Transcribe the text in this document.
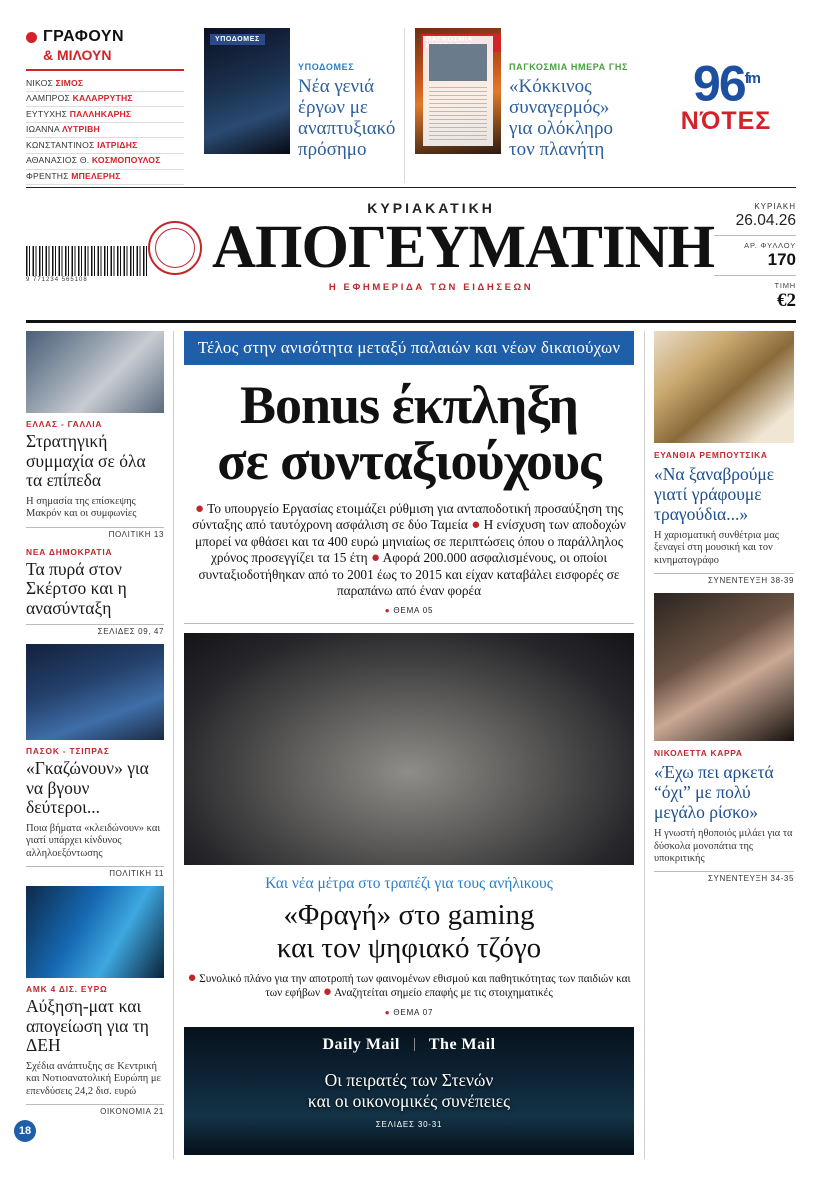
ΓΡΑΦΟΥΝ
& ΜΙΛΟΥΝ
ΝΙΚΟΣ ΣΙΜΟΣ
ΛΑΜΠΡΟΣ ΚΑΛΑΡΡΥΤΗΣ
ΕΥΤΥΧΗΣ ΠΑΛΛΗΚΑΡΗΣ
ΙΩΑΝΝΑ ΛΥΤΡΙΒΗ
ΚΩΝΣΤΑΝΤΙΝΟΣ ΙΑΤΡΙΔΗΣ
ΑΘΑΝΑΣΙΟΣ Θ. ΚΟΣΜΟΠΟΥΛΟΣ
ΦΡΕΝΤΗΣ ΜΠΕΛΕΡΗΣ
ΥΠΟΔΟΜΕΣ
ΥΠΟΔΟΜΕΣ
Νέα γενιά έργων με αναπτυξιακό πρόσημο
ΠΑΓΚΟΣΜΙΑ ΗΜΕΡΑ ΓΗΣ
«Κόκκινος συναγερμός» για ολόκληρο τον πλανήτη
$96^{fm}$
ΝΌΤΕΣ
9 771234 565108
ΚΥΡΙΑΚΑΤΙΚΗ
ΑΠΟΓΕΥΜΑΤΙΝΗ
Η ΕΦΗΜΕΡΙΔΑ ΤΩΝ ΕΙΔΗΣΕΩΝ
ΚΥΡΙΑΚΗ
26.04.26
ΑΡ. ΦΥΛΛΟΥ
170
ΤΙΜΗ
€2
ΕΛΛΑΣ - ΓΑΛΛΙΑ
Στρατηγική συμμαχία σε όλα τα επίπεδα
Η σημασία της επίσκεψης Μακρόν και οι συμφωνίες
ΠΟΛΙΤΙΚΗ 13
ΝΕΑ ΔΗΜΟΚΡΑΤΙΑ
Τα πυρά στον Σκέρτσο και η ανασύνταξη
ΣΕΛΙΔΕΣ 09, 47
ΠΑΣΟΚ - ΤΣΙΠΡΑΣ
«Γκαζώνουν» για να βγουν δεύτεροι...
Ποια βήματα «κλειδώνουν» και γιατί υπάρχει κίνδυνος αλληλοεξόντωσης
ΠΟΛΙΤΙΚΗ 11
ΑΜΚ 4 ΔΙΣ. ΕΥΡΩ
Αύξηση-ματ και απογείωση για τη ΔΕΗ
Σχέδια ανάπτυξης σε Κεντρική και Νοτιοανατολική Ευρώπη με επενδύσεις 24,2 δισ. ευρώ
ΟΙΚΟΝΟΜΙΑ 21
Τέλος στην ανισότητα μεταξύ παλαιών και νέων δικαιούχων
Bonus έκπληξη
σε συνταξιούχους
● Το υπουργείο Εργασίας ετοιμάζει ρύθμιση για ανταποδοτική προσαύξηση της σύνταξης από ταυτόχρονη ασφάλιση σε δύο Ταμεία ● Η ενίσχυση των αποδοχών μπορεί να φθάσει και τα 400 ευρώ μηνιαίως σε περιπτώσεις όπου ο παράλληλος χρόνος προσεγγίζει τα 15 έτη ● Αφορά 200.000 ασφαλισμένους, οι οποίοι συνταξιοδοτήθηκαν από το 2001 έως το 2015 και είχαν καταβάλει εισφορές σε παραπάνω από έναν φορέα
● ΘΕΜΑ 05
Και νέα μέτρα στο τραπέζι για τους ανήλικους
«Φραγή» στο gaming
και τον ψηφιακό τζόγο
● Συνολικό πλάνο για την αποτροπή των φαινομένων εθισμού και παθητικότητας των παιδιών και των εφήβων ● Αναζητείται σημείο επαφής με τις στοιχηματικές
● ΘΕΜΑ 07
Daily Mail The Mail
Οι πειρατές των Στενών
και οι οικονομικές συνέπειες
ΣΕΛΙΔΕΣ 30-31
ΕΥΑΝΘΙΑ ΡΕΜΠΟΥΤΣΙΚΑ
«Να ξαναβρούμε γιατί γράφουμε τραγούδια...»
Η χαρισματική συνθέτρια μας ξεναγεί στη μουσική και τον κινηματογράφο
ΣΥΝΕΝΤΕΥΞΗ 38-39
ΝΙΚΟΛΕΤΤΑ ΚΑΡΡΑ
«Έχω πει αρκετά “όχι” με πολύ μεγάλο ρίσκο»
Η γνωστή ηθοποιός μιλάει για τα δύσκολα μονοπάτια της υποκριτικής
ΣΥΝΕΝΤΕΥΞΗ 34-35
18
